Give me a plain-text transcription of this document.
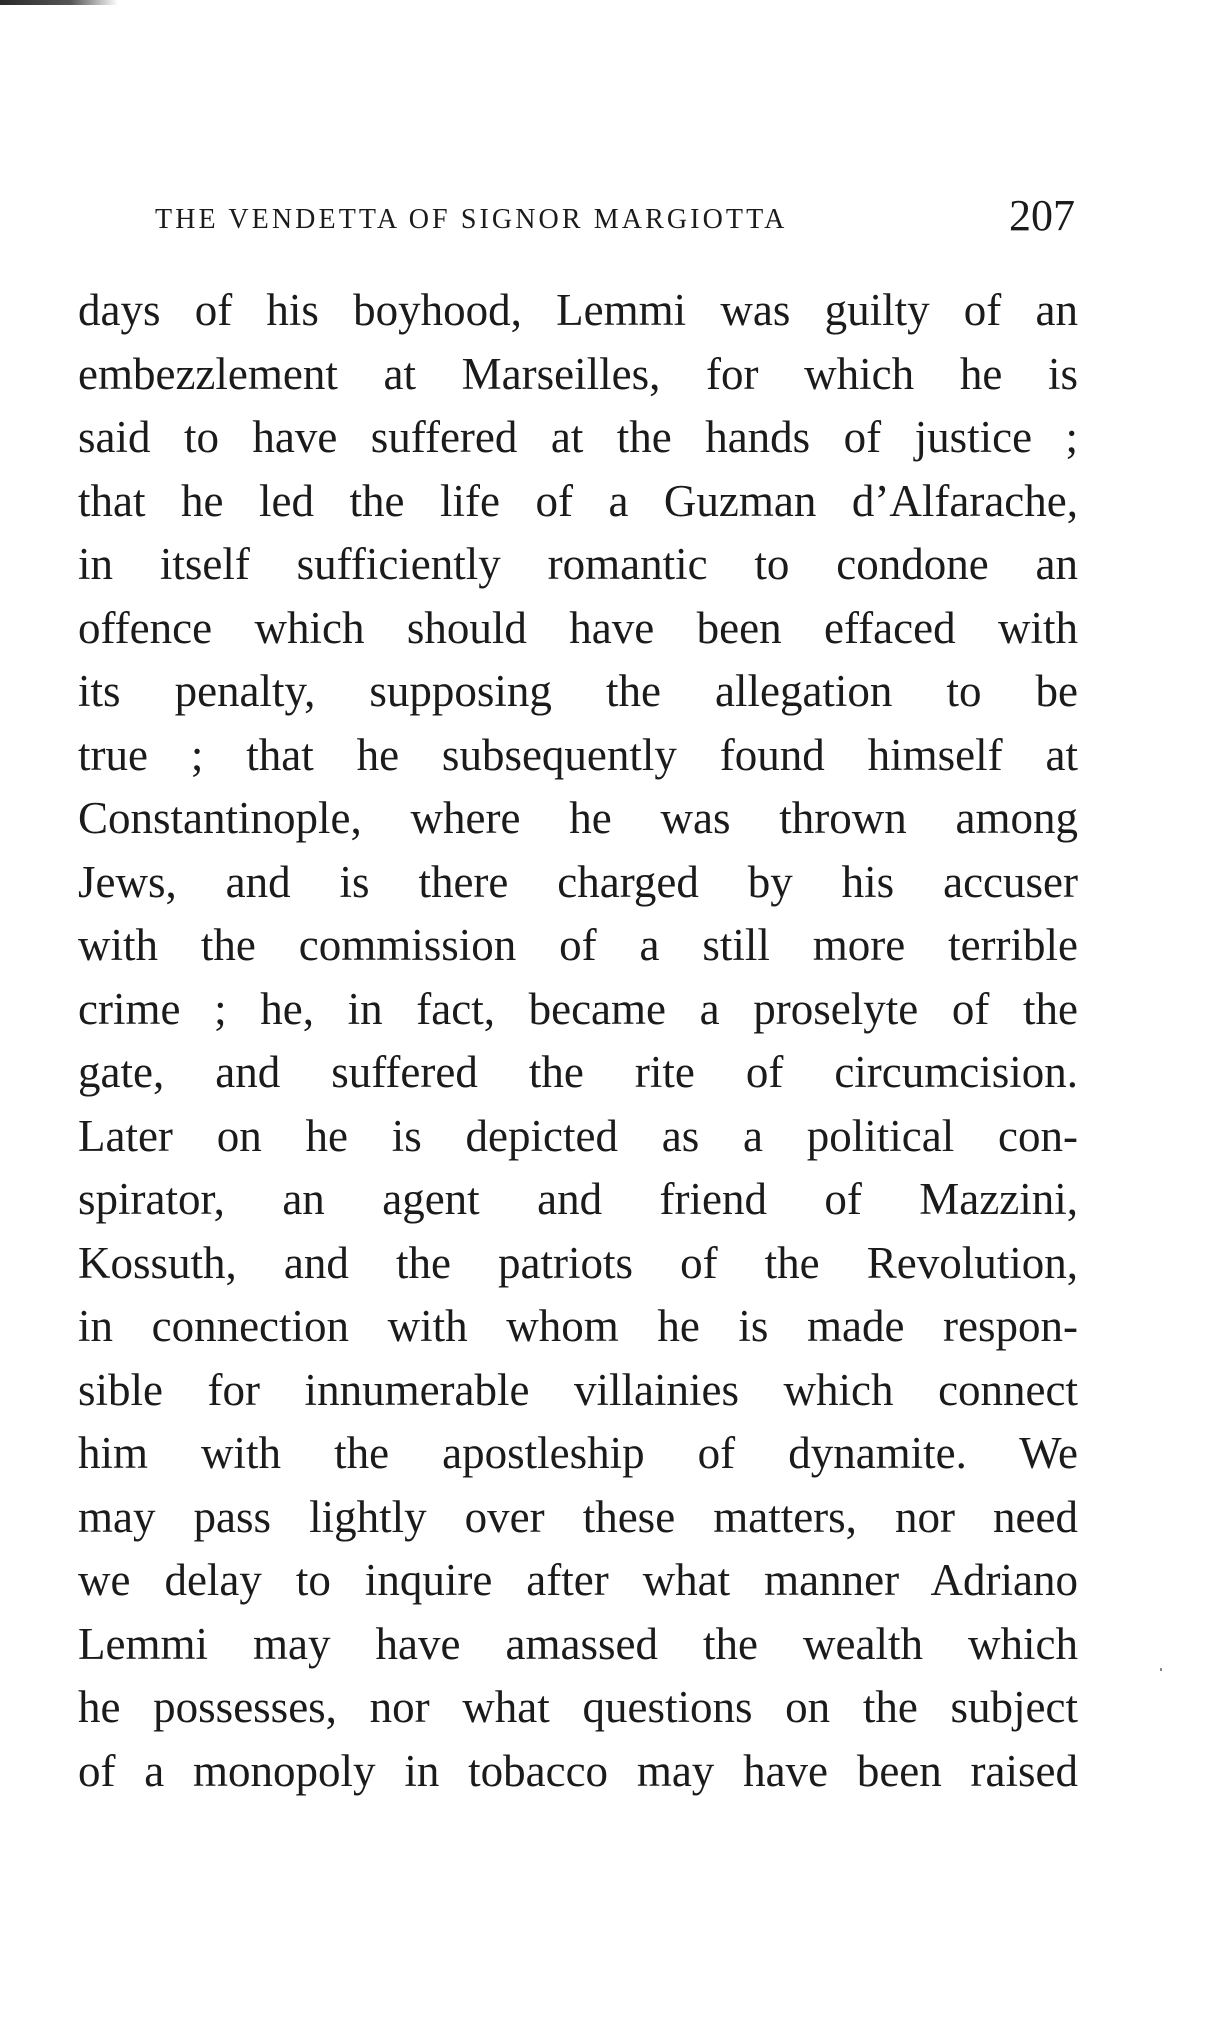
THE VENDETTA OF SIGNOR MARGIOTTA	207
days of his boyhood, Lemmi was guilty of an
embezzlement at Marseilles, for which he is
said to have suffered at the hands of justice ;
that he led the life of a Guzman d’Alfarache,
in itself sufficiently romantic to condone an
offence which should have been effaced with
its penalty, supposing the allegation to be
true ; that he subsequently found himself at
Constantinople, where he was thrown among
Jews, and is there charged by his accuser
with the commission of a still more terrible
crime ; he, in fact, became a proselyte of the
gate, and suffered the rite of circumcision.
Later on he is depicted as a political con-
spirator, an agent and friend of Mazzini,
Kossuth, and the patriots of the Revolution,
in connection with whom he is made respon-
sible for innumerable villainies which connect
him with the apostleship of dynamite. We
may pass lightly over these matters, nor need
we delay to inquire after what manner Adriano
Lemmi may have amassed the wealth which
he possesses, nor what questions on the subject
of a monopoly in tobacco may have been raised
